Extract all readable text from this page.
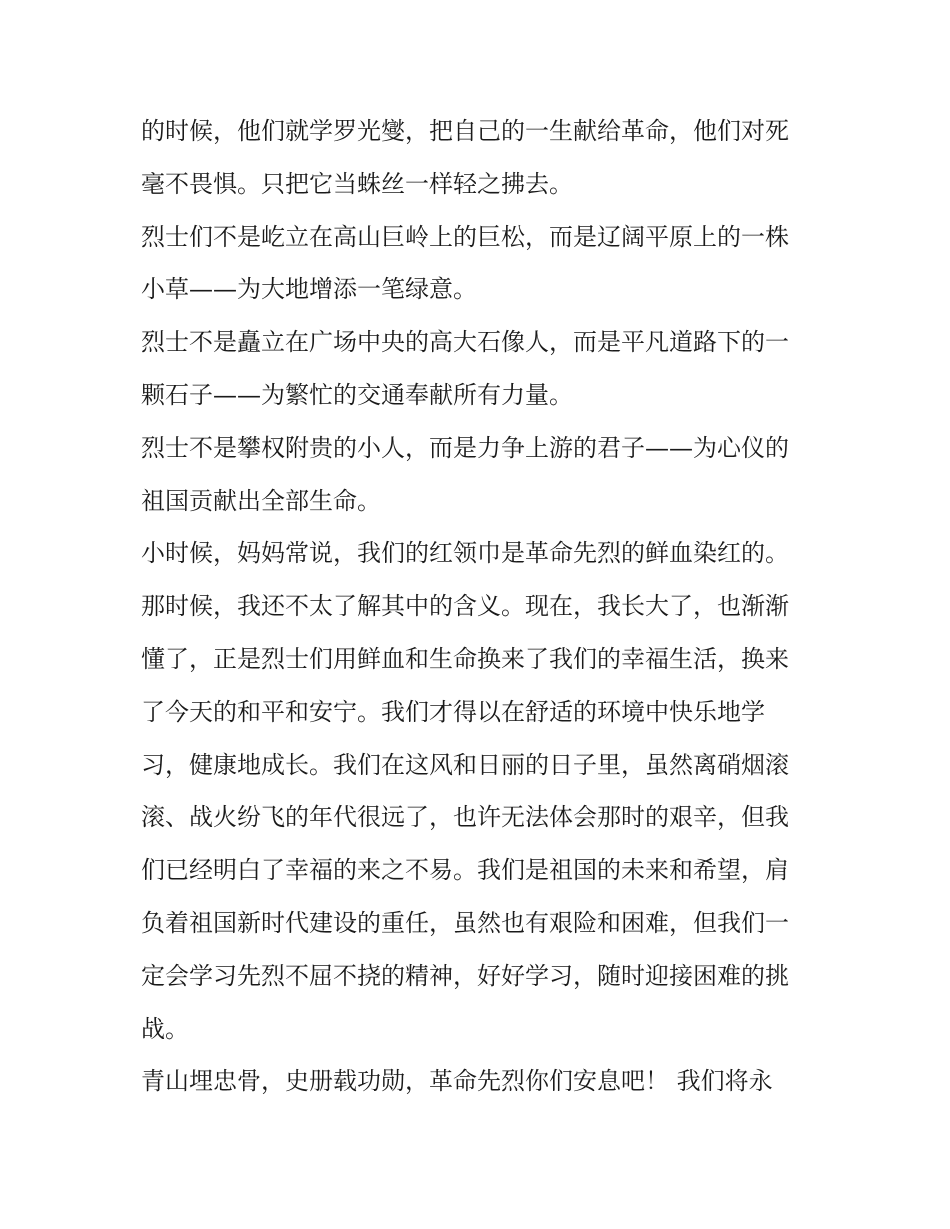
的时候，他们就学罗光燮，把自己的一生献给革命，他们对死
毫不畏惧。只把它当蛛丝一样轻之拂去。
烈士们不是屹立在高山巨岭上的巨松，而是辽阔平原上的一株
小草——为大地增添一笔绿意。
烈士不是矗立在广场中央的高大石像人，而是平凡道路下的一
颗石子——为繁忙的交通奉献所有力量。
烈士不是攀权附贵的小人，而是力争上游的君子——为心仪的
祖国贡献出全部生命。
小时候，妈妈常说，我们的红领巾是革命先烈的鲜血染红的。
那时候，我还不太了解其中的含义。现在，我长大了，也渐渐
懂了，正是烈士们用鲜血和生命换来了我们的幸福生活，换来
了今天的和平和安宁。我们才得以在舒适的环境中快乐地学
习，健康地成长。我们在这风和日丽的日子里，虽然离硝烟滚
滚、战火纷飞的年代很远了，也许无法体会那时的艰辛，但我
们已经明白了幸福的来之不易。我们是祖国的未来和希望，肩
负着祖国新时代建设的重任，虽然也有艰险和困难，但我们一
定会学习先烈不屈不挠的精神，好好学习，随时迎接困难的挑
战。
青山埋忠骨，史册载功勋，革命先烈你们安息吧！ 我们将永
